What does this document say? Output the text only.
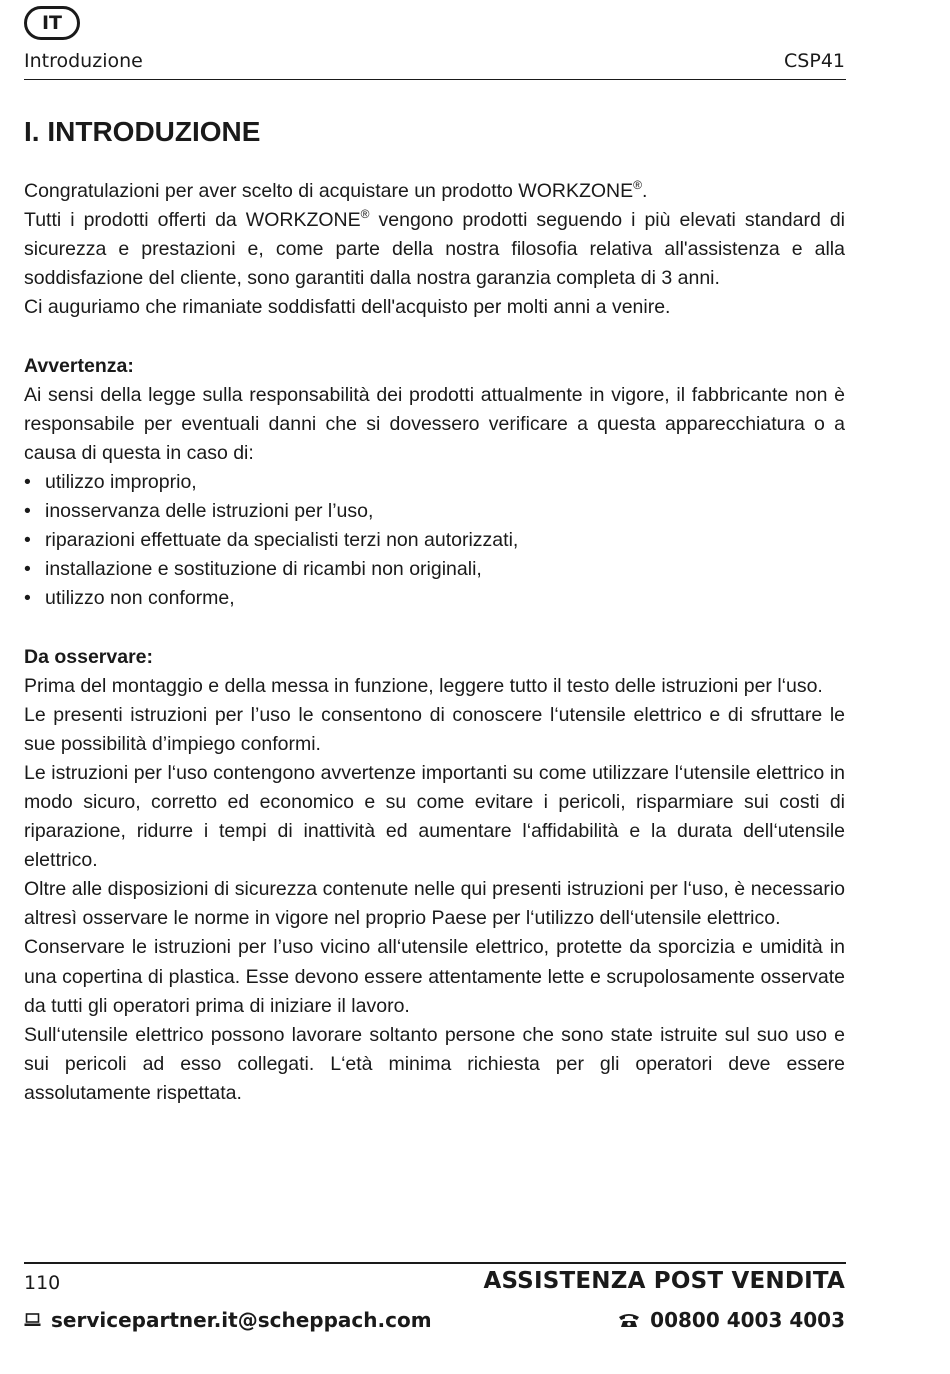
IT
Introduzione	CSP41
I. INTRODUZIONE

Congratulazioni per aver scelto di acquistare un prodotto WORKZONE®.

Tutti i prodotti offerti da WORKZONE® vengono prodotti seguendo i più elevati standard di sicurezza e prestazioni e, come parte della nostra filosofia relativa all'assistenza e alla soddisfazione del cliente, sono garantiti dalla nostra garanzia completa di 3 anni.

Ci auguriamo che rimaniate soddisfatti dell'acquisto per molti anni a venire.

Avvertenza:

Ai sensi della legge sulla responsabilità dei prodotti attualmente in vigore, il fabbricante non è responsabile per eventuali danni che si dovessero verificare a questa apparecchiatura o a causa di questa in caso di:

• utilizzo improprio,
• inosservanza delle istruzioni per l’uso,
• riparazioni effettuate da specialisti terzi non autorizzati,
• installazione e sostituzione di ricambi non originali,
• utilizzo non conforme,

Da osservare:

Prima del montaggio e della messa in funzione, leggere tutto il testo delle istruzioni per l‘uso.

Le presenti istruzioni per l’uso le consentono di conoscere l‘utensile elettrico e di sfruttare le sue possibilità d’impiego conformi.

Le istruzioni per l‘uso contengono avvertenze importanti su come utilizzare l‘utensile elettrico in modo sicuro, corretto ed economico e su come evitare i pericoli, risparmiare sui costi di riparazione, ridurre i tempi di inattività ed aumentare l‘affidabilità e la durata dell‘utensile elettrico.

Oltre alle disposizioni di sicurezza contenute nelle qui presenti istruzioni per l‘uso, è necessario altresì osservare le norme in vigore nel proprio Paese per l‘utilizzo dell‘utensile elettrico.

Conservare le istruzioni per l’uso vicino all‘utensile elettrico, protette da sporcizia e umidità in una copertina di plastica. Esse devono essere attentamente lette e scrupolosamente osservate da tutti gli operatori prima di iniziare il lavoro.

Sull‘utensile elettrico possono lavorare soltanto persone che sono state istruite sul suo uso e sui pericoli ad esso collegati. L‘età minima richiesta per gli operatori deve essere assolutamente rispettata.

110	ASSISTENZA POST VENDITA
servicepartner.it@scheppach.com	00800 4003 4003
